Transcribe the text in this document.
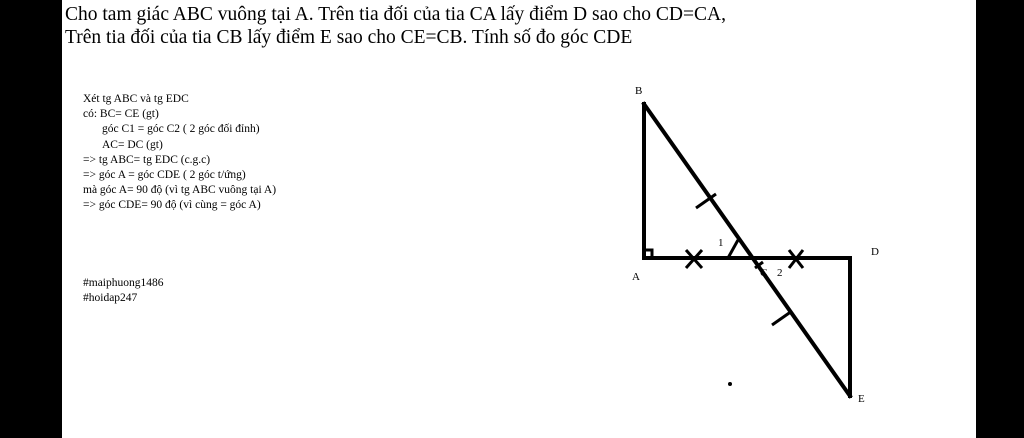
Cho tam giác ABC vuông tại A. Trên tia đối của tia CA lấy điểm D sao cho CD=CA,
Trên tia đối của tia CB lấy điểm E sao cho CE=CB. Tính số đo góc CDE
Xét tg ABC và tg EDC
có: BC= CE (gt)
góc C1 = góc C2 ( 2 góc đối đỉnh)
AC= DC (gt)
=> tg ABC= tg EDC (c.g.c)
=> góc A = góc CDE ( 2 góc t/ứng)
mà góc A= 90 độ (vì tg ABC vuông tại A)
=> góc CDE= 90 độ (vì cùng = góc A)
#maiphuong1486
#hoidap247
B
A
D
E
C
1
2
